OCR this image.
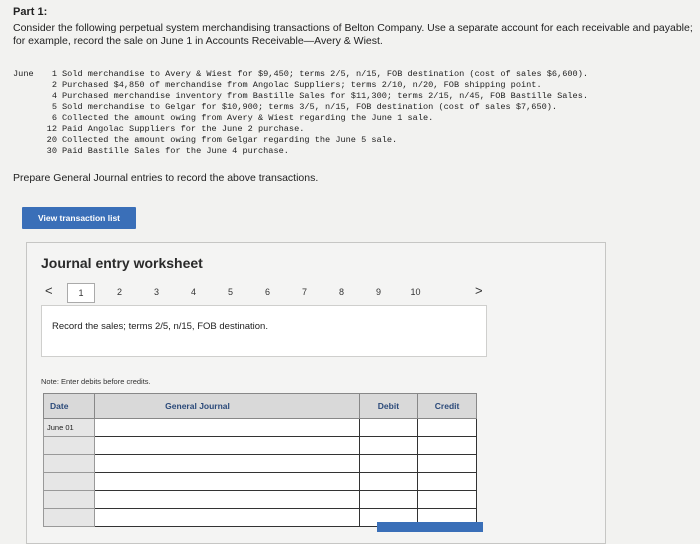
Part 1:
Consider the following perpetual system merchandising transactions of Belton Company. Use a separate account for each receivable and payable; for example, record the sale on June 1 in Accounts Receivable—Avery & Wiest.
June	1 Sold merchandise to Avery & Wiest for $9,450; terms 2/5, n/15, FOB destination (cost of sales $6,600).
2 Purchased $4,850 of merchandise from Angolac Suppliers; terms 2/10, n/20, FOB shipping point.
4 Purchased merchandise inventory from Bastille Sales for $11,300; terms 2/15, n/45, FOB Bastille Sales.
5 Sold merchandise to Gelgar for $10,900; terms 3/5, n/15, FOB destination (cost of sales $7,650).
6 Collected the amount owing from Avery & Wiest regarding the June 1 sale.
12 Paid Angolac Suppliers for the June 2 purchase.
20 Collected the amount owing from Gelgar regarding the June 5 sale.
30 Paid Bastille Sales for the June 4 purchase.
Prepare General Journal entries to record the above transactions.
View transaction list
Journal entry worksheet
<	1	2	3	4	5	6	7	8	9	10	>
Record the sales; terms 2/5, n/15, FOB destination.
Note: Enter debits before credits.
Date	General Journal	Debit	Credit
June 01			
